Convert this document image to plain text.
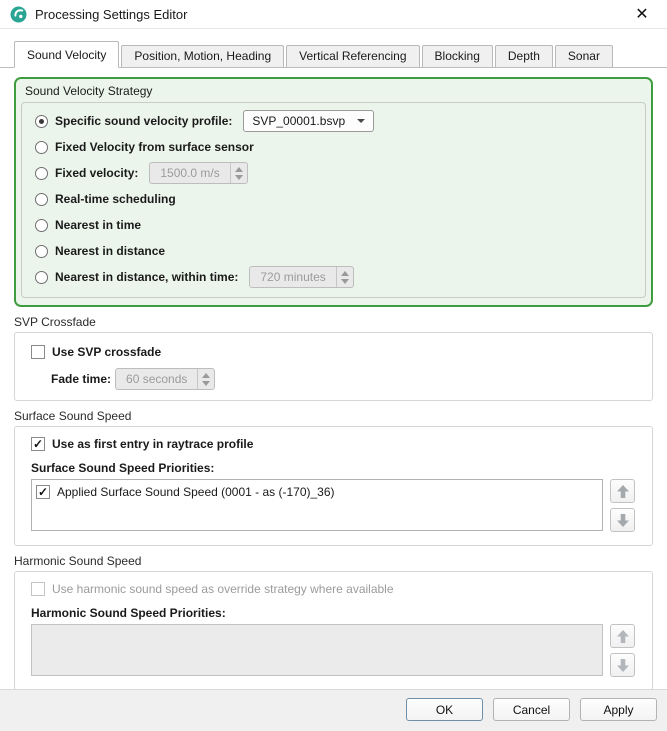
Processing Settings Editor	✕
Sound Velocity	Position, Motion, Heading	Vertical Referencing	Blocking	Depth	Sonar
Sound Velocity Strategy
Specific sound velocity profile: SVP_00001.bsvp
Fixed Velocity from surface sensor
Fixed velocity:	1500.0 m/s
Real-time scheduling
Nearest in time
Nearest in distance
Nearest in distance, within time:	720 minutes
SVP Crossfade
Use SVP crossfade
Fade time:	60 seconds
Surface Sound Speed
✓
Use as first entry in raytrace profile
Surface Sound Speed Priorities:
✓
Applied Surface Sound Speed (0001 - as (-170)_36)
Harmonic Sound Speed
Use harmonic sound speed as override strategy where available
Harmonic Sound Speed Priorities:
OK	Cancel	Apply
